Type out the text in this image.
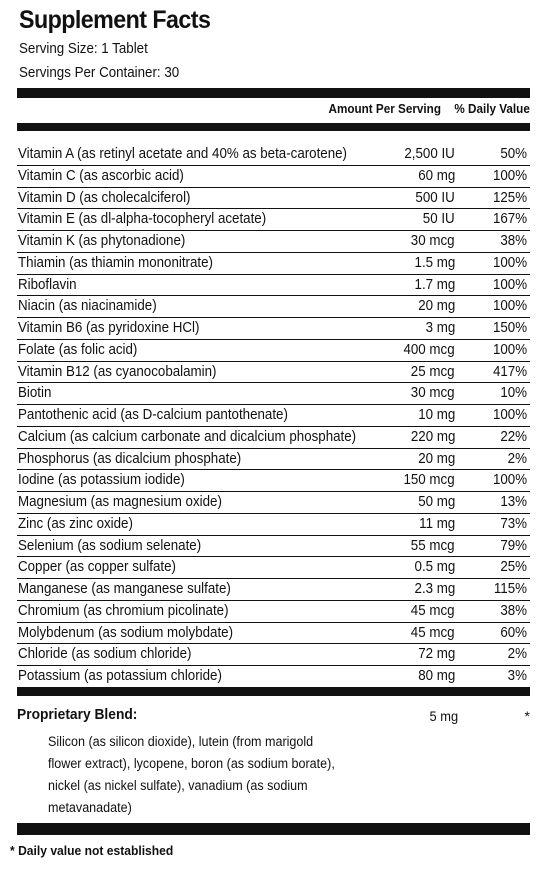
Supplement Facts
Serving Size: 1 Tablet
Servings Per Container: 30
Amount Per Serving % Daily Value
Vitamin A (as retinyl acetate and 40% as beta-carotene)	2,500 IU	50%
Vitamin C (as ascorbic acid)	60 mg	100%
Vitamin D (as cholecalciferol)	500 IU	125%
Vitamin E (as dl-alpha-tocopheryl acetate)	50 IU	167%
Vitamin K (as phytonadione)	30 mcg	38%
Thiamin (as thiamin mononitrate)	1.5 mg	100%
Riboflavin	1.7 mg	100%
Niacin (as niacinamide)	20 mg	100%
Vitamin B6 (as pyridoxine HCl)	3 mg	150%
Folate (as folic acid)	400 mcg	100%
Vitamin B12 (as cyanocobalamin)	25 mcg	417%
Biotin	30 mcg	10%
Pantothenic acid (as D-calcium pantothenate)	10 mg	100%
Calcium (as calcium carbonate and dicalcium phosphate)	220 mg	22%
Phosphorus (as dicalcium phosphate)	20 mg	2%
Iodine (as potassium iodide)	150 mcg	100%
Magnesium (as magnesium oxide)	50 mg	13%
Zinc (as zinc oxide)	11 mg	73%
Selenium (as sodium selenate)	55 mcg	79%
Copper (as copper sulfate)	0.5 mg	25%
Manganese (as manganese sulfate)	2.3 mg	115%
Chromium (as chromium picolinate)	45 mcg	38%
Molybdenum (as sodium molybdate)	45 mcg	60%
Chloride (as sodium chloride)	72 mg	2%
Potassium (as potassium chloride)	80 mg	3%
Proprietary Blend:	5 mg	*
Silicon (as silicon dioxide), lutein (from marigold flower extract), lycopene, boron (as sodium borate), nickel (as nickel sulfate), vanadium (as sodium metavanadate)
* Daily value not established
